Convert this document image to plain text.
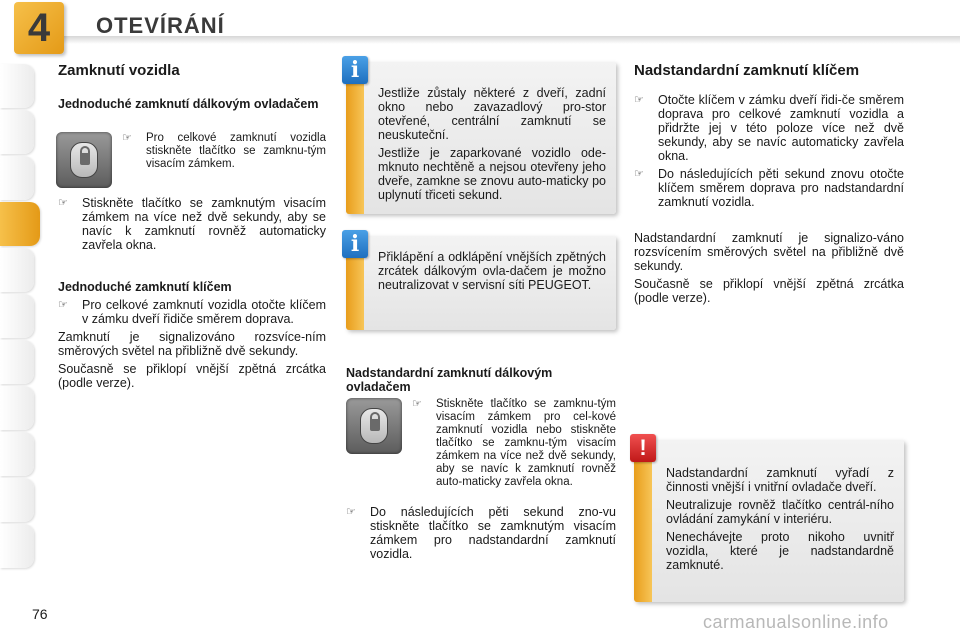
4	OTEVÍRÁNÍ
Zamknutí vozidla
Jednoduché zamknutí dálkovým ovladačem
☞ Pro celkové zamknutí vozidla stiskněte tlačítko se zamknu-tým visacím zámkem.
☞ Stiskněte tlačítko se zamknutým visacím zámkem na více než dvě sekundy, aby se navíc k zamknutí rovněž automaticky zavřela okna.
Jednoduché zamknutí klíčem
☞ Pro celkové zamknutí vozidla otočte klíčem v zámku dveří řidiče směrem doprava.

Zamknutí je signalizováno rozsvíce-ním směrových světel na přibližně dvě sekundy.

Současně se přiklopí vnější zpětná zrcátka (podle verze).

i

Jestliže zůstaly některé z dveří, zadní okno nebo zavazadlový pro-stor otevřené, centrální zamknutí se neuskuteční.

Jestliže je zaparkované vozidlo ode-mknuto nechtěně a nejsou otevřeny jeho dveře, zamkne se znovu auto-maticky po uplynutí třiceti sekund.

i	Přiklápění a odklápění vnějších zpětných zrcátek dálkovým ovla-dačem je možno neutralizovat v servisní síti PEUGEOT.

Nadstandardní zamknutí dálkovým ovladačem
☞ Stiskněte tlačítko se zamknu-tým visacím zámkem pro cel-kové zamknutí vozidla nebo stiskněte tlačítko se zamknu-tým visacím zámkem na více než dvě sekundy, aby se navíc k zamknutí rovněž auto-maticky zavřela okna.
☞ Do následujících pěti sekund zno-vu stiskněte tlačítko se zamknutým visacím zámkem pro nadstandardní zamknutí vozidla.
Nadstandardní zamknutí klíčem
☞ Otočte klíčem v zámku dveří řidi-če směrem doprava pro celkové zamknutí vozidla a přidržte jej v této poloze více než dvě sekundy, aby se navíc automaticky zavřela okna.
☞ Do následujících pěti sekund znovu otočte klíčem směrem doprava pro nadstandardní zamknutí vozidla.

Nadstandardní zamknutí je signalizo-váno rozsvícením směrových světel na přibližně dvě sekundy.

Současně se přiklopí vnější zpětná zrcátka (podle verze).

!

Nadstandardní zamknutí vyřadí z činnosti vnější i vnitřní ovladače dveří.

Neutralizuje rovněž tlačítko centrál-ního ovládání zamykání v interiéru.

Nenechávejte proto nikoho uvnitř vozidla, které je nadstandardně zamknuté.

76	carmanualsonline.info
